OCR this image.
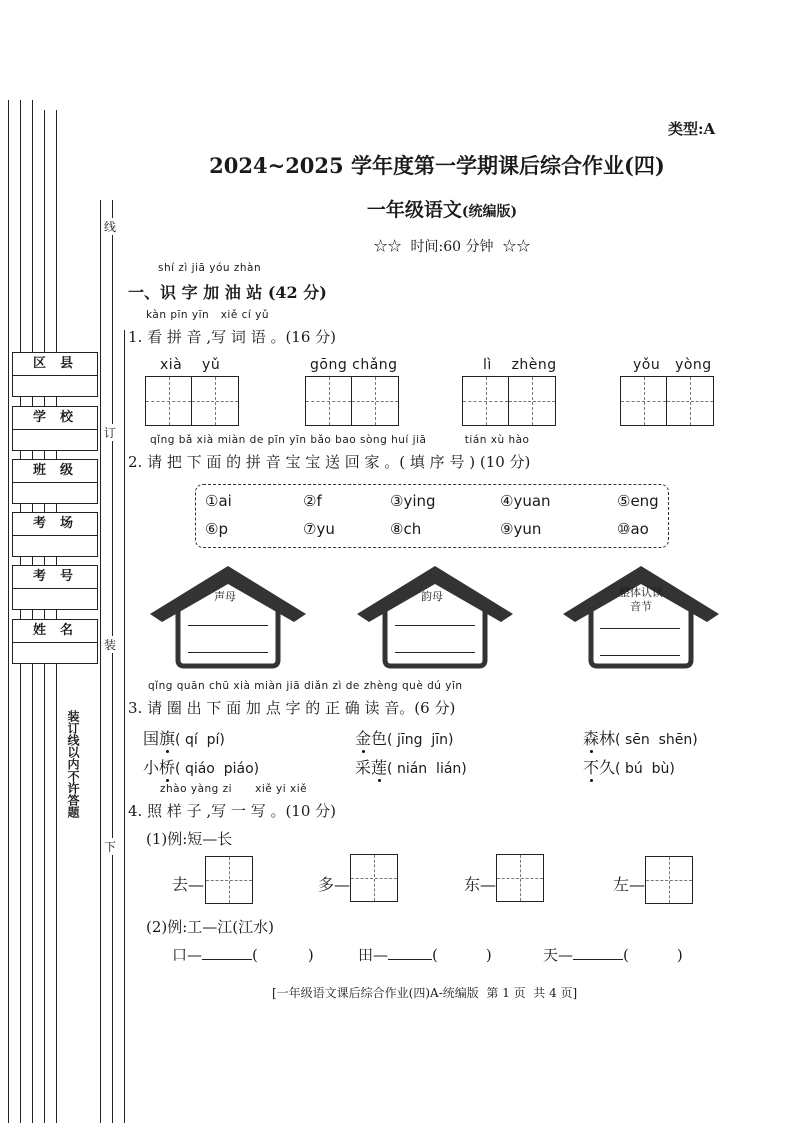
线
订
装
下
区县
学校
班级
考场
考号
姓名
装订线以内不许答题
类型:A
2024~2025 学年度第一学期课后综合作业(四)
一年级语文(统编版)
☆☆  时间:60 分钟  ☆☆
shí zì jiā yóu zhàn
一、识 字 加 油 站 (42 分)
kàn pīn yīn   xiě cí yǔ
1. 看 拼 音 ,写 词 语 。(16 分)
xià    yǔ	gōng chǎng	lì    zhèng	yǒu   yòng
qǐng bǎ xià miàn de pīn yīn bǎo bao sòng huí jiā          tián xù hào
2. 请 把 下 面 的 拼 音 宝 宝 送 回 家 。( 填 序 号 ) (10 分)
①ai	②f	③ying	④yuan	⑤eng
⑥p	⑦yu	⑧ch	⑨yun	⑩ao
声母	韵母	整体认读音节
qǐng quān chū xià miàn jiā diǎn zì de zhèng què dú yīn
3. 请 圈 出 下 面 加 点 字 的 正 确 读 音。(6 分)
国旗( qí  pí)	金色( jīng  jīn)	森林( sēn  shēn)
小桥( qiáo  piáo)	采莲( nián  lián)	不久( bú  bù)
zhào yàng zi      xiě yi xiě
4. 照 样 子 ,写 一 写 。(10 分)
(1)例:短—长
去—	多—	东—	左—
(2)例:工—江(江水)
口—	(	)	田—	(	)	天—	(	)
[一年级语文课后综合作业(四)A-统编版  第 1 页  共 4 页]
